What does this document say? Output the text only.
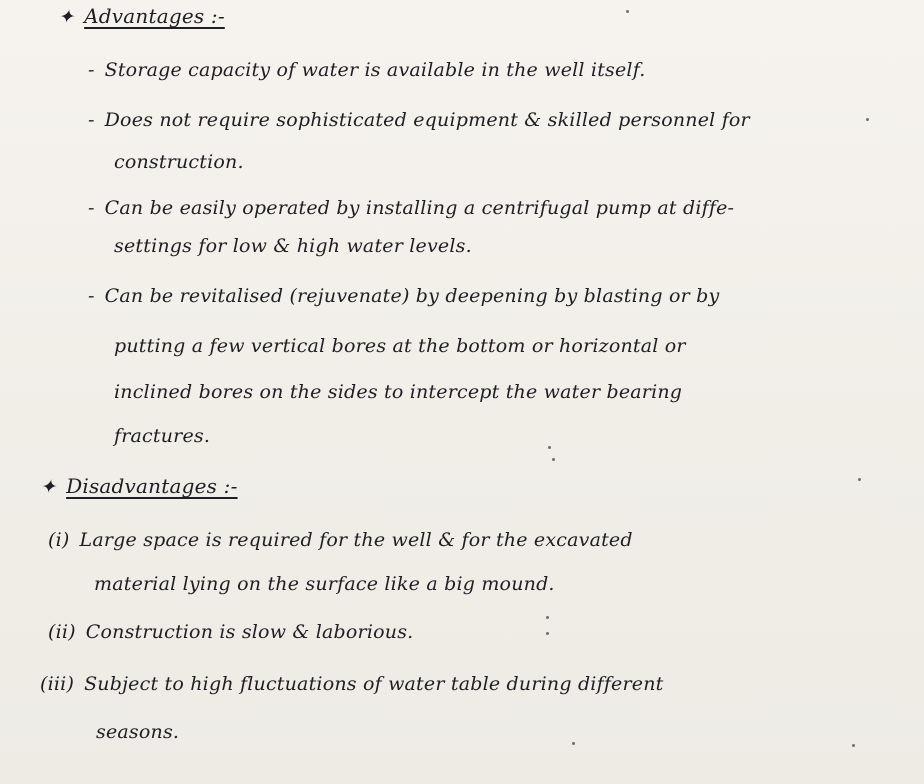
✦ Advantages :-
- Storage capacity of water is available in the well itself.
- Does not require sophisticated equipment & skilled personnel for
construction.
- Can be easily operated by installing a centrifugal pump at diffe-
settings for low & high water levels.
- Can be revitalised (rejuvenate) by deepening by blasting or by
putting a few vertical bores at the bottom or horizontal or
inclined bores on the sides to intercept the water bearing
fractures.
✦ Disadvantages :-
(i) Large space is required for the well & for the excavated
material lying on the surface like a big mound.
(ii) Construction is slow & laborious.
(iii) Subject to high fluctuations of water table during different
seasons.
